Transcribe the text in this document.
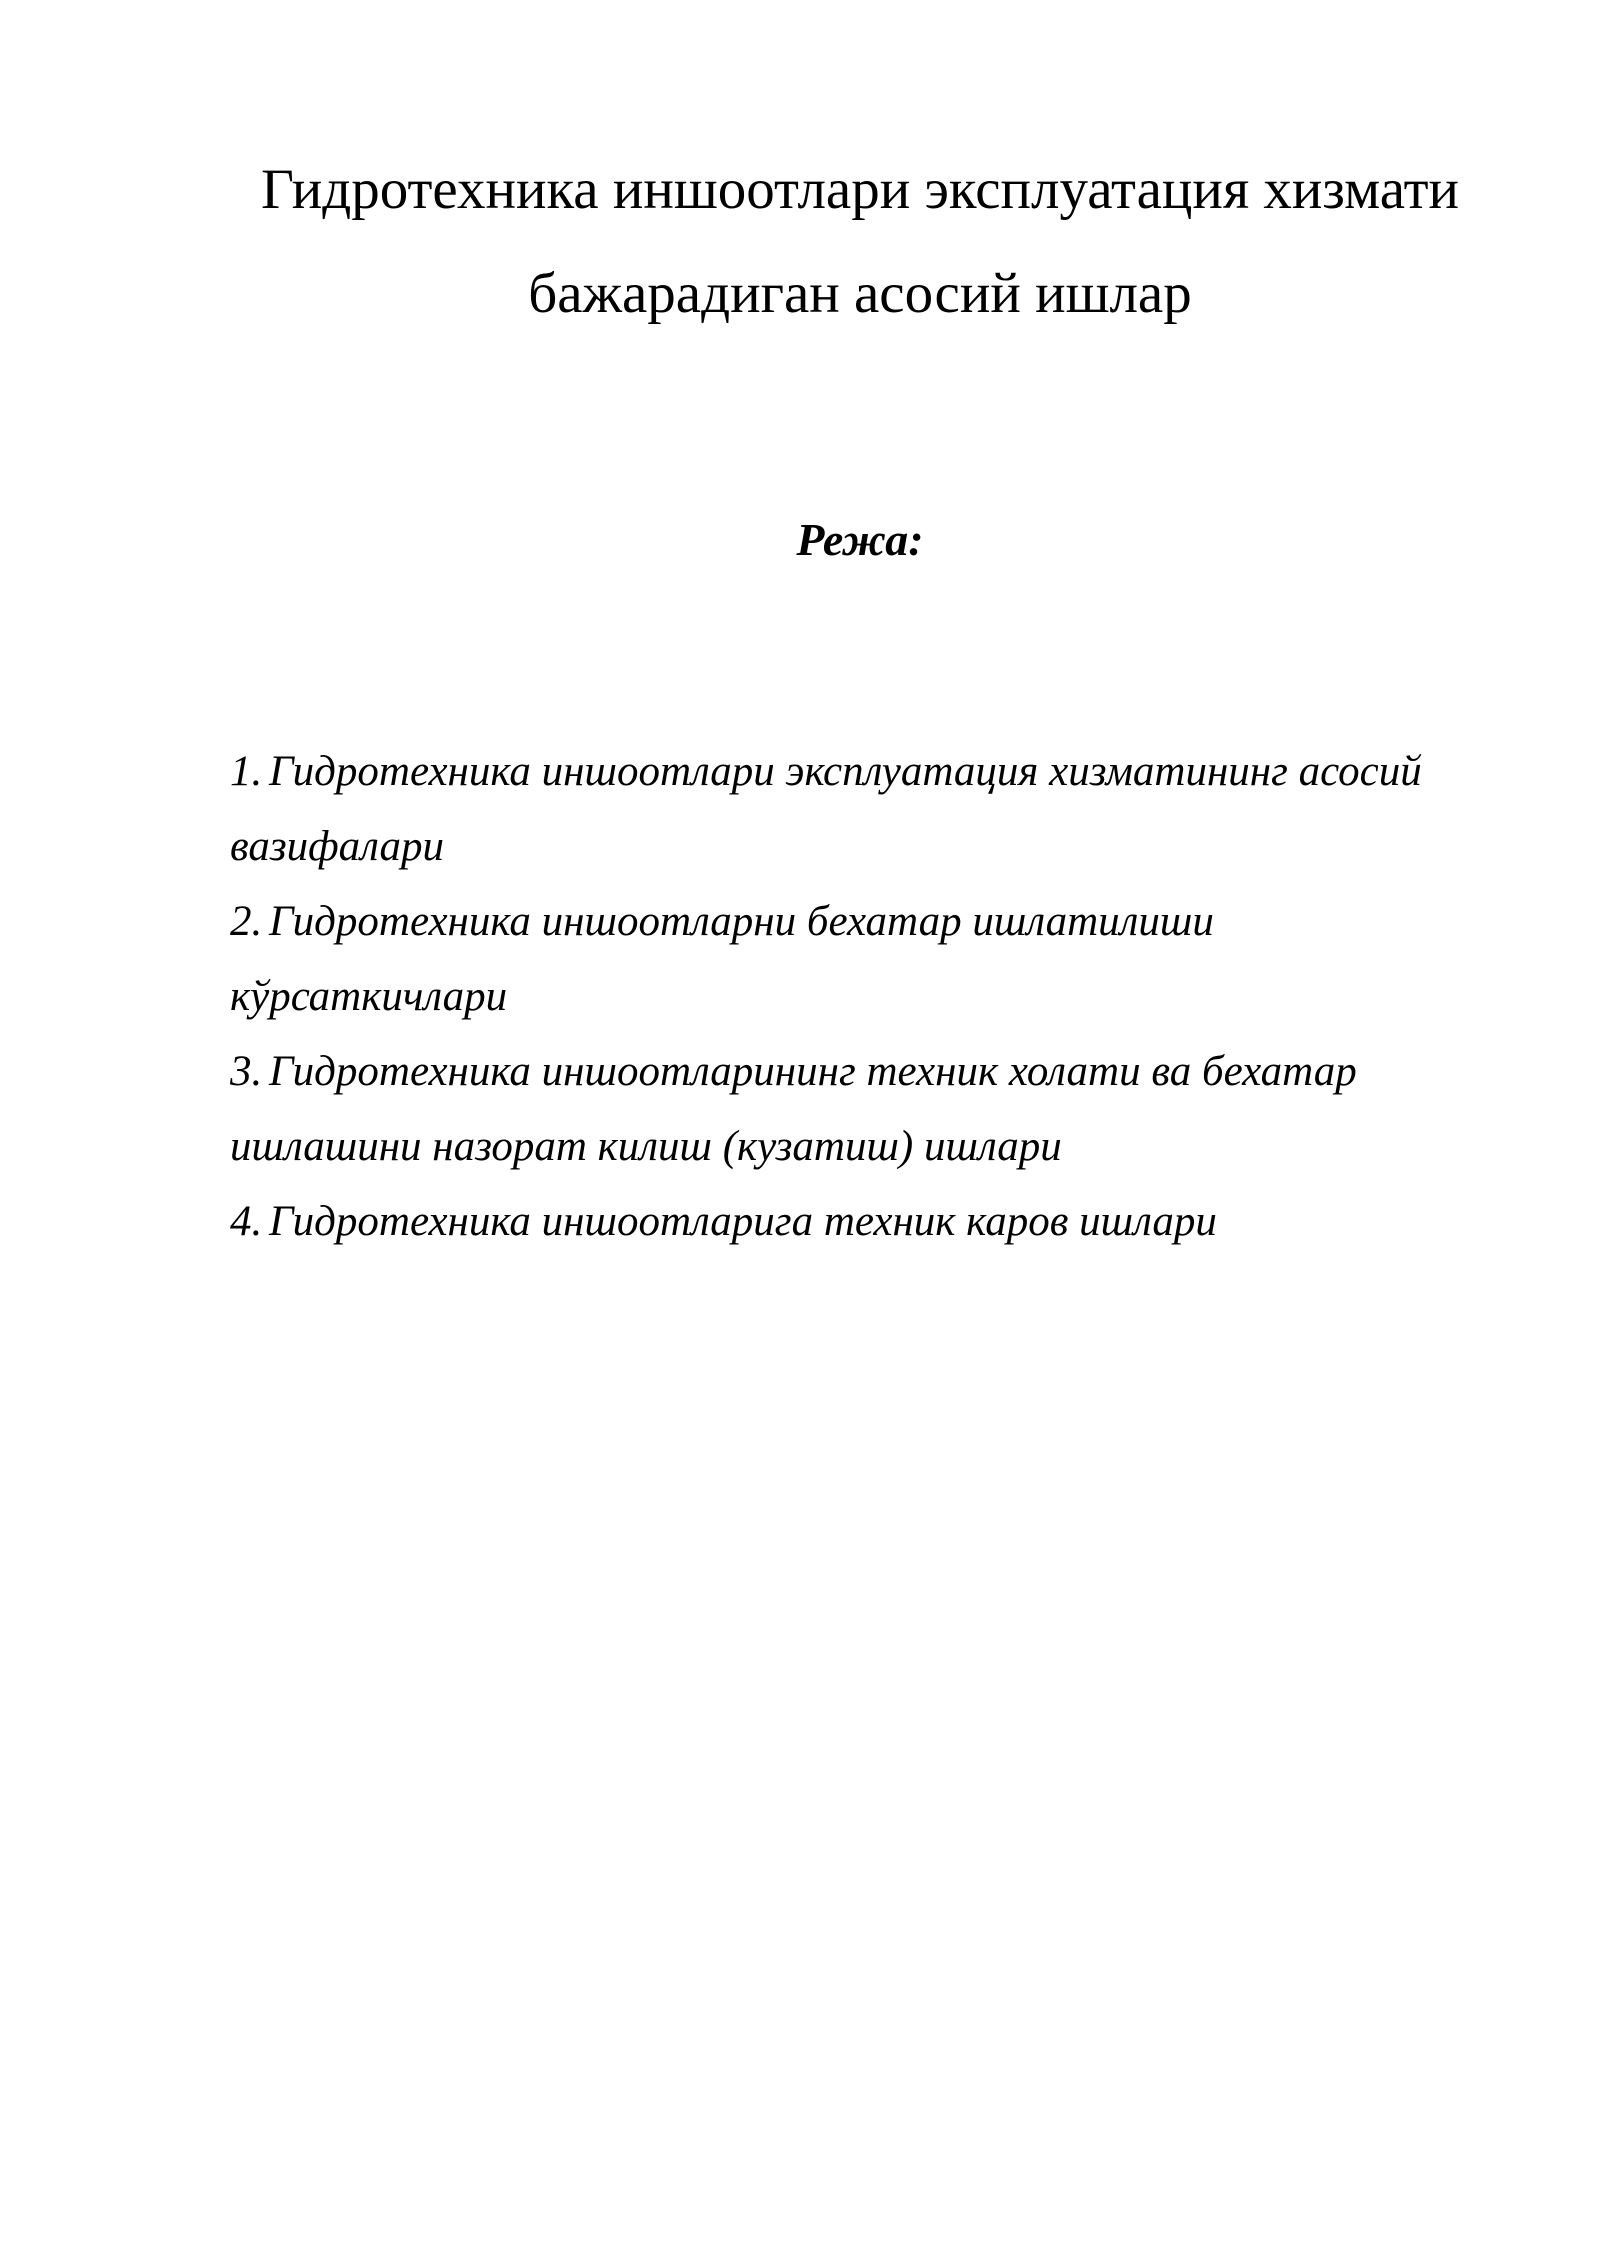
Гидротехника иншоотлари эксплуатация хизмати
бажарадиган асосий ишлар
Режа:

1. Гидротехника иншоотлари эксплуатация хизматининг асосий

вазифалари

2. Гидротехника иншоотларни бехатар ишлатилиши

кўрсаткичлари

3. Гидротехника иншоотларининг техник холати ва бехатар

ишлашини назорат килиш (кузатиш) ишлари

4. Гидротехника иншоотларига техник каров ишлари
